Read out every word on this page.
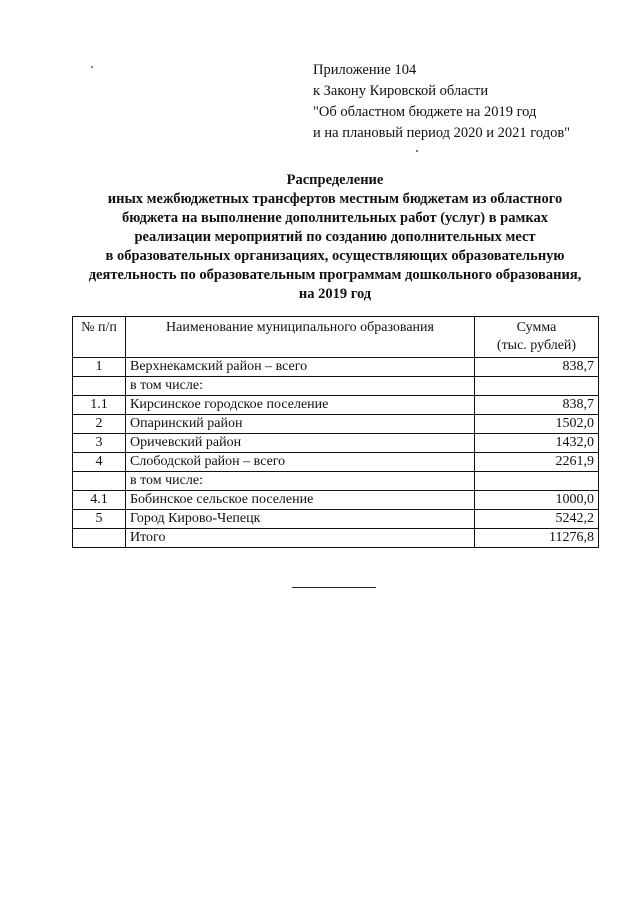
Приложение 104
к Закону Кировской области
"Об областном бюджете на 2019 год
и на плановый период 2020 и 2021 годов"
Распределение
иных межбюджетных трансфертов местным бюджетам из областного
бюджета на выполнение дополнительных работ (услуг) в рамках
реализации мероприятий по созданию дополнительных мест
в образовательных организациях, осуществляющих образовательную
деятельность по образовательным программам дошкольного образования,
на 2019 год
№ п/п	Наименование муниципального образования	Сумма
(тыс. рублей)

1	Верхнекамский район – всего	838,7
	в том числе:	
1.1	Кирсинское городское поселение	838,7
2	Опаринский район	1502,0
3	Оричевский район	1432,0
4	Слободской район – всего	2261,9
	в том числе:	
4.1	Бобинское сельское поселение	1000,0
5	Город Кирово-Чепецк	5242,2
	Итого	11276,8
